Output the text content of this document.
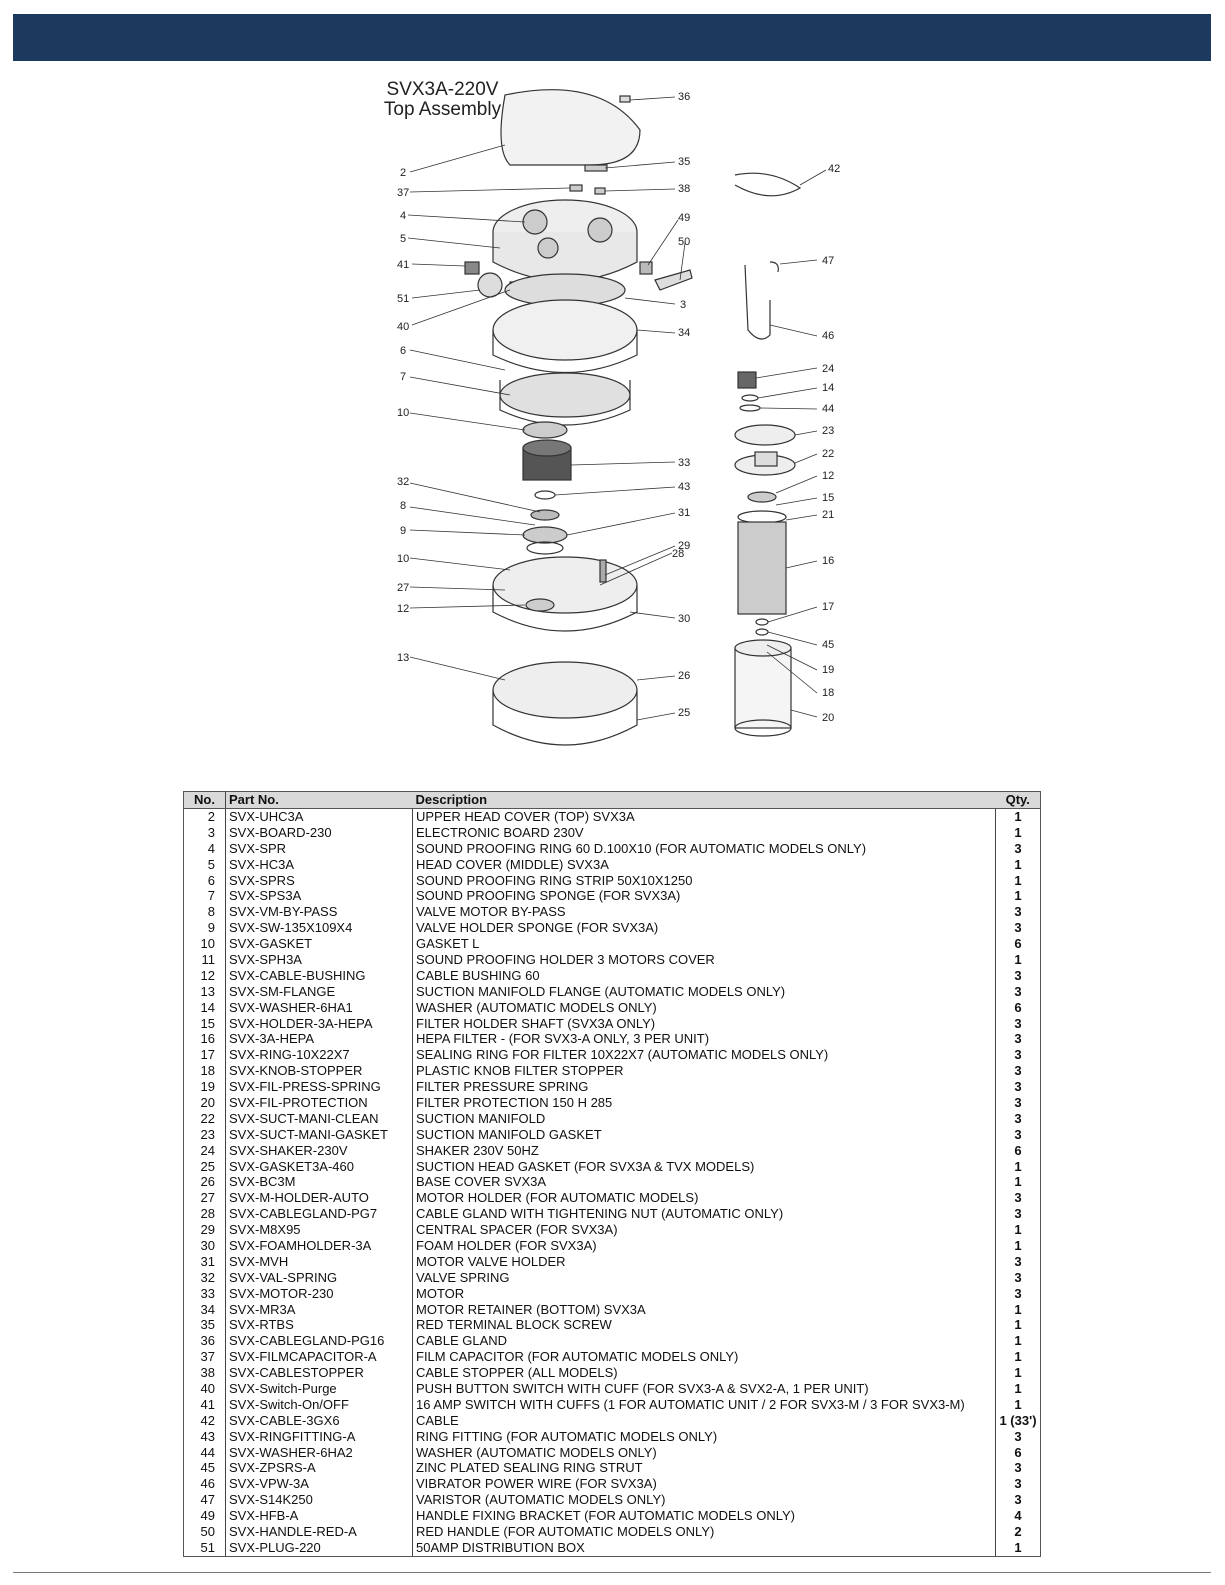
SVX3A-220V
Top Assembly
36
2
35
37	38
4	49
50
5
42
41
51	3
40	34
47
46
6
7
24
14
44
23
10
33
43
22
12
32
8
15
31	21
9
29
28
10	16
27
12
30
17
45
19
13
26
18
25	20
No.	Part No.	Description	Qty.
2	SVX-UHC3A	UPPER HEAD COVER (TOP) SVX3A	1
3	SVX-BOARD-230	ELECTRONIC BOARD 230V	1
4	SVX-SPR	SOUND PROOFING RING 60 D.100X10 (FOR AUTOMATIC MODELS ONLY)	3
5	SVX-HC3A	HEAD COVER (MIDDLE) SVX3A	1
6	SVX-SPRS	SOUND PROOFING RING STRIP 50X10X1250	1
7	SVX-SPS3A	SOUND PROOFING SPONGE (FOR SVX3A)	1
8	SVX-VM-BY-PASS	VALVE MOTOR BY-PASS	3
9	SVX-SW-135X109X4	VALVE HOLDER SPONGE (FOR SVX3A)	3
10	SVX-GASKET	GASKET L	6
11	SVX-SPH3A	SOUND PROOFING HOLDER 3 MOTORS COVER	1
12	SVX-CABLE-BUSHING	CABLE BUSHING 60	3
13	SVX-SM-FLANGE	SUCTION MANIFOLD FLANGE (AUTOMATIC MODELS ONLY)	3
14	SVX-WASHER-6HA1	WASHER (AUTOMATIC MODELS ONLY)	6
15	SVX-HOLDER-3A-HEPA	FILTER HOLDER SHAFT (SVX3A ONLY)	3
16	SVX-3A-HEPA	HEPA FILTER - (FOR SVX3-A ONLY, 3 PER UNIT)	3
17	SVX-RING-10X22X7	SEALING RING FOR FILTER 10X22X7 (AUTOMATIC MODELS ONLY)	3
18	SVX-KNOB-STOPPER	PLASTIC KNOB FILTER STOPPER	3
19	SVX-FIL-PRESS-SPRING	FILTER PRESSURE SPRING	3
20	SVX-FIL-PROTECTION	FILTER PROTECTION 150 H 285	3
22	SVX-SUCT-MANI-CLEAN	SUCTION MANIFOLD	3
23	SVX-SUCT-MANI-GASKET	SUCTION MANIFOLD GASKET	3
24	SVX-SHAKER-230V	SHAKER 230V 50HZ	6
25	SVX-GASKET3A-460	SUCTION HEAD GASKET (FOR SVX3A & TVX MODELS)	1
26	SVX-BC3M	BASE COVER SVX3A	1
27	SVX-M-HOLDER-AUTO	MOTOR HOLDER (FOR AUTOMATIC MODELS)	3
28	SVX-CABLEGLAND-PG7	CABLE GLAND WITH TIGHTENING NUT (AUTOMATIC ONLY)	3
29	SVX-M8X95	CENTRAL SPACER (FOR SVX3A)	1
30	SVX-FOAMHOLDER-3A	FOAM HOLDER (FOR SVX3A)	1
31	SVX-MVH	MOTOR VALVE HOLDER	3
32	SVX-VAL-SPRING	VALVE SPRING	3
33	SVX-MOTOR-230	MOTOR	3
34	SVX-MR3A	MOTOR RETAINER (BOTTOM) SVX3A	1
35	SVX-RTBS	RED TERMINAL BLOCK SCREW	1
36	SVX-CABLEGLAND-PG16	CABLE GLAND	1
37	SVX-FILMCAPACITOR-A	FILM CAPACITOR (FOR AUTOMATIC MODELS ONLY)	1
38	SVX-CABLESTOPPER	CABLE STOPPER (ALL MODELS)	1
40	SVX-Switch-Purge	PUSH BUTTON SWITCH WITH CUFF (FOR SVX3-A & SVX2-A, 1 PER UNIT)	1
41	SVX-Switch-On/OFF	16 AMP SWITCH WITH CUFFS (1 FOR AUTOMATIC UNIT / 2 FOR SVX3-M / 3 FOR SVX3-M)	1
42	SVX-CABLE-3GX6	CABLE	1 (33')
43	SVX-RINGFITTING-A	RING FITTING (FOR AUTOMATIC MODELS ONLY)	3
44	SVX-WASHER-6HA2	WASHER (AUTOMATIC MODELS ONLY)	6
45	SVX-ZPSRS-A	ZINC PLATED SEALING RING STRUT	3
46	SVX-VPW-3A	VIBRATOR POWER WIRE (FOR SVX3A)	3
47	SVX-S14K250	VARISTOR (AUTOMATIC MODELS ONLY)	3
49	SVX-HFB-A	HANDLE FIXING BRACKET (FOR AUTOMATIC MODELS ONLY)	4
50	SVX-HANDLE-RED-A	RED HANDLE (FOR AUTOMATIC MODELS ONLY)	2
51	SVX-PLUG-220	50AMP DISTRIBUTION BOX	1
